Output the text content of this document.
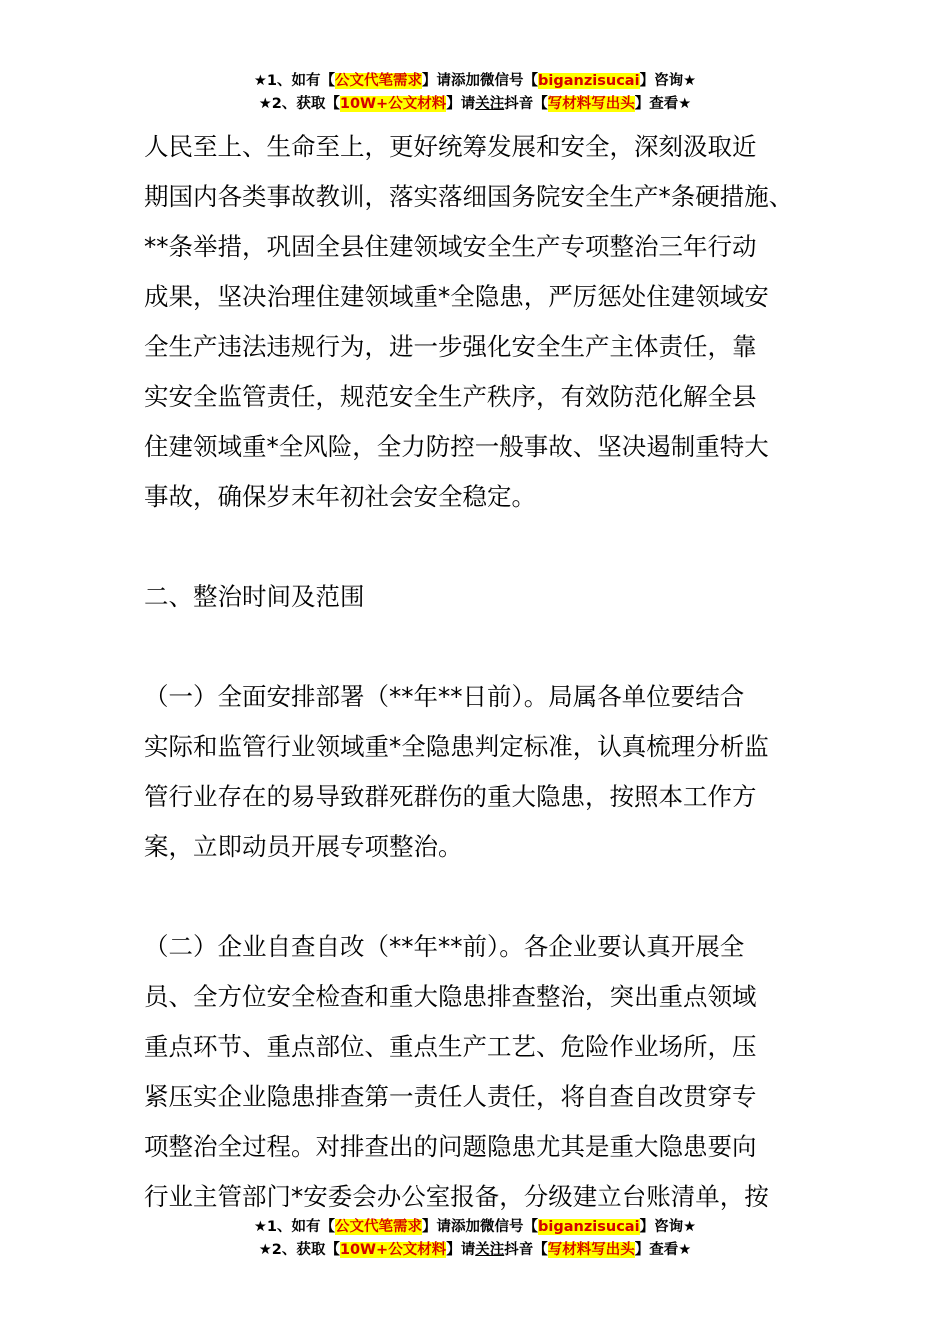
★1、如有【公文代笔需求】请添加微信号【biganzisucai】咨询★
★2、获取【10W+公文材料】请关注抖音【写材料写出头】查看★

人民至上、生命至上，更好统筹发展和安全，深刻汲取近

期国内各类事故教训，落实落细国务院安全生产*条硬措施、

**条举措，巩固全县住建领域安全生产专项整治三年行动

成果，坚决治理住建领域重*全隐患，严厉惩处住建领域安

全生产违法违规行为，进一步强化安全生产主体责任，靠

实安全监管责任，规范安全生产秩序，有效防范化解全县

住建领域重*全风险，全力防控一般事故、坚决遏制重特大

事故，确保岁末年初社会安全稳定。

二、整治时间及范围

（一）全面安排部署（**年**日前）。局属各单位要结合

实际和监管行业领域重*全隐患判定标准，认真梳理分析监

管行业存在的易导致群死群伤的重大隐患，按照本工作方

案，立即动员开展专项整治。

（二）企业自查自改（**年**前）。各企业要认真开展全

员、全方位安全检查和重大隐患排查整治，突出重点领域

重点环节、重点部位、重点生产工艺、危险作业场所，压

紧压实企业隐患排查第一责任人责任，将自查自改贯穿专

项整治全过程。对排查出的问题隐患尤其是重大隐患要向

行业主管部门*安委会办公室报备，分级建立台账清单，按

★1、如有【公文代笔需求】请添加微信号【biganzisucai】咨询★
★2、获取【10W+公文材料】请关注抖音【写材料写出头】查看★
